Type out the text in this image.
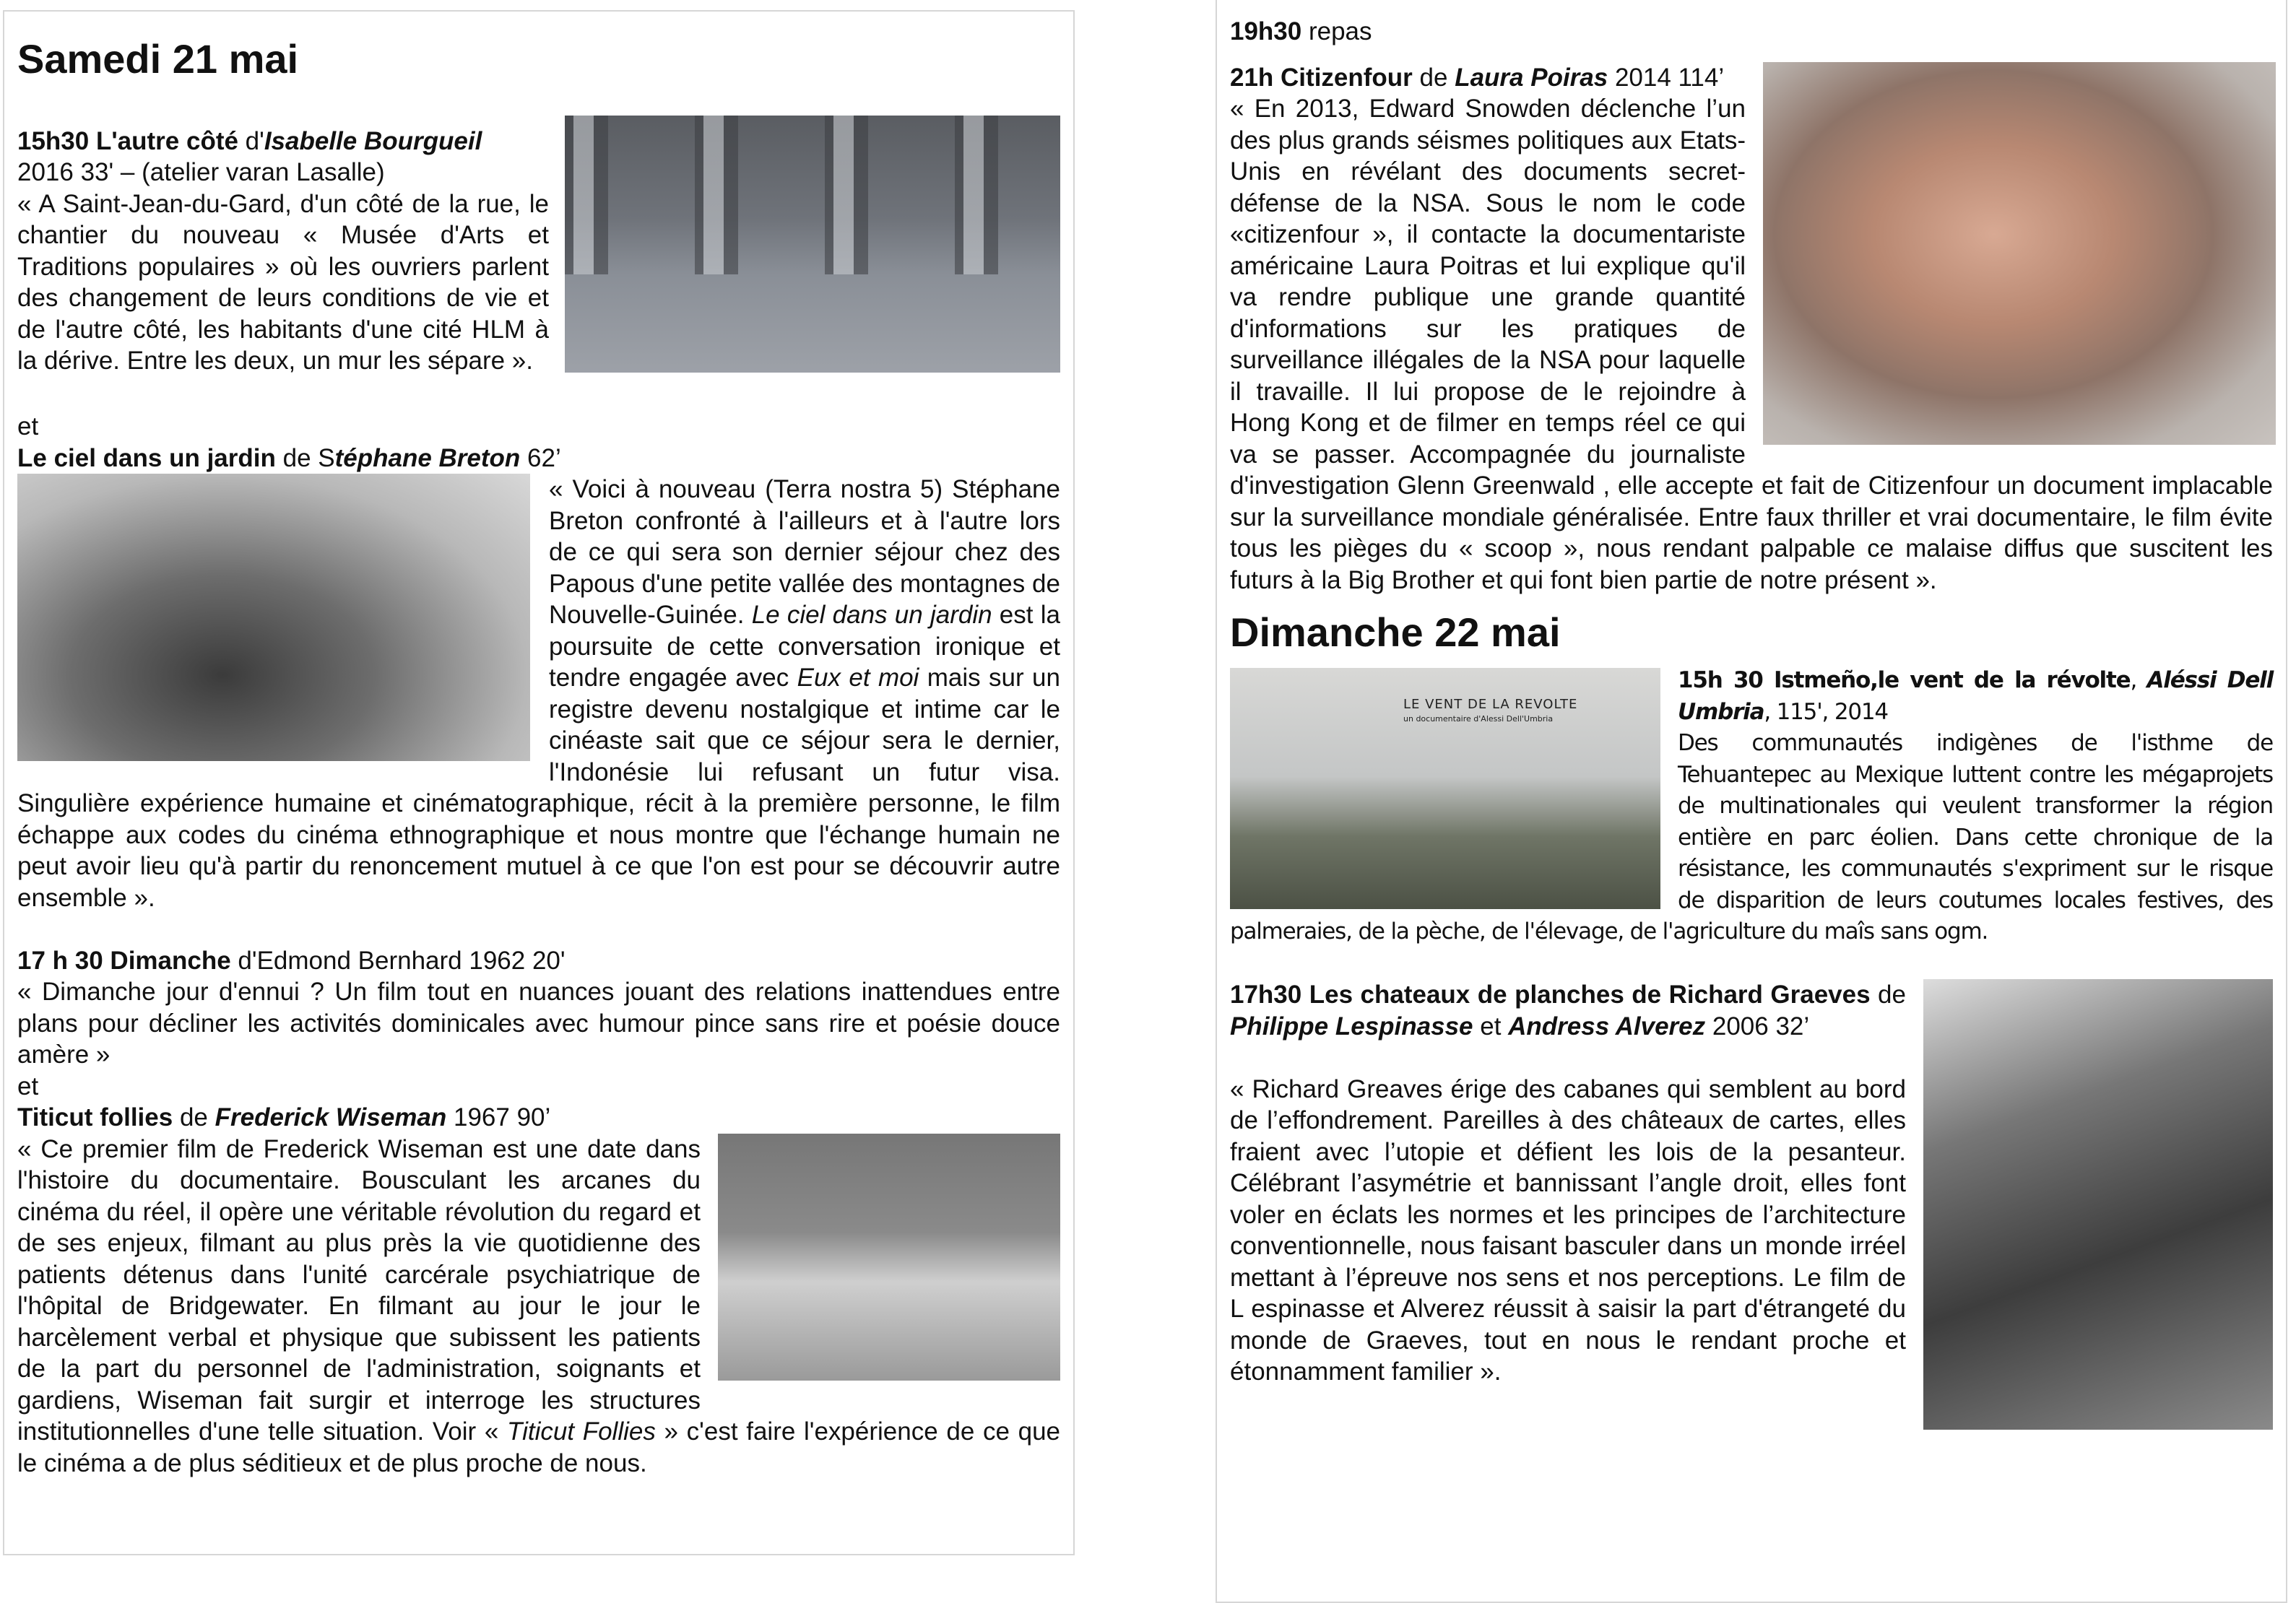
Samedi 21 mai

15h30 L'autre côté d'Isabelle Bourgueil

2016 33' – (atelier varan Lasalle)

« A Saint-Jean-du-Gard, d'un côté de la rue, le chantier du nouveau « Musée d'Arts et Traditions populaires » où les ouvriers parlent des changement de leurs conditions de vie et de l'autre côté, les habitants d'une cité HLM à la dérive. Entre les deux, un mur les sépare ».

et

Le ciel dans un jardin de Stéphane Breton 62’

« Voici à nouveau (Terra nostra 5) Stéphane Breton confronté à l'ailleurs et à l'autre lors de ce qui sera son dernier séjour chez des Papous d'une petite vallée des montagnes de Nouvelle-Guinée. Le ciel dans un jardin est la poursuite de cette conversation ironique et tendre engagée avec Eux et moi mais sur un registre devenu nostalgique et intime car le cinéaste sait que ce séjour sera le dernier, l'Indonésie lui refusant un futur visa. Singulière expérience humaine et cinématographique, récit à la première personne, le film échappe aux codes du cinéma ethnographique et nous montre que l'échange humain ne peut avoir lieu qu'à partir du renoncement mutuel à ce que l'on est pour se découvrir autre ensemble ».

17 h 30 Dimanche d'Edmond Bernhard 1962 20'

« Dimanche jour d'ennui ? Un film tout en nuances jouant des relations inattendues entre plans pour décliner les activités dominicales avec humour pince sans rire et poésie douce amère »

et

Titicut follies de Frederick Wiseman 1967 90’

« Ce premier film de Frederick Wiseman est une date dans l'histoire du documentaire. Bousculant les arcanes du cinéma du réel, il opère une véritable révolution du regard et de ses enjeux, filmant au plus près la vie quotidienne des patients détenus dans l'unité carcérale psychiatrique de l'hôpital de Bridgewater. En filmant au jour le jour le harcèlement verbal et physique que subissent les patients de la part du personnel de l'administration, soignants et gardiens, Wiseman fait surgir et interroge les structures institutionnelles d'une telle situation. Voir « Titicut Follies » c'est faire l'expérience de ce que le cinéma a de plus séditieux et de plus proche de nous.

19h30 repas

21h Citizenfour de Laura Poiras 2014 114’

« En 2013, Edward Snowden déclenche l’un des plus grands séismes politiques aux Etats-Unis en révélant des documents secret-défense de la NSA. Sous le nom le code «citizenfour », il contacte la documentariste américaine Laura Poitras et lui explique qu'il va rendre publique une grande quantité d'informations sur les pratiques de surveillance illégales de la NSA pour laquelle il travaille. Il lui propose de le rejoindre à Hong Kong et de filmer en temps réel ce qui va se passer. Accompagnée du journaliste d'investigation Glenn Greenwald , elle accepte et fait de Citizenfour un document implacable sur la surveillance mondiale généralisée. Entre faux thriller et vrai documentaire, le film évite tous les pièges du « scoop », nous rendant palpable ce malaise diffus que suscitent les futurs à la Big Brother et qui font bien partie de notre présent ».

Dimanche 22 mai
LE VENT DE LA REVOLTE
un documentaire d'Alessi Dell'Umbria

15h 30 Istmeño,le vent de la révolte, Aléssi Dell Umbria, 115', 2014

Des communautés indigènes de l'isthme de Tehuantepec au Mexique luttent contre les mégaprojets de multinationales qui veulent transformer la région entière en parc éolien. Dans cette chronique de la résistance, les communautés s'expriment sur le risque de disparition de leurs coutumes locales festives, des palmeraies, de la pèche, de l'élevage, de l'agriculture du maîs sans ogm.

17h30 Les chateaux de planches de Richard Graeves de Philippe Lespinasse et Andress Alverez 2006 32’

« Richard Greaves érige des cabanes qui semblent au bord de l’effondrement. Pareilles à des châteaux de cartes, elles fraient avec l’utopie et défient les lois de la pesanteur. Célébrant l’asymétrie et bannissant l’angle droit, elles font voler en éclats les normes et les principes de l’architecture conventionnelle, nous faisant basculer dans un monde irréel mettant à l’épreuve nos sens et nos perceptions. Le film de L espinasse et Alverez réussit à saisir la part d'étrangeté du monde de Graeves, tout en nous le rendant proche et étonnamment familier ».
